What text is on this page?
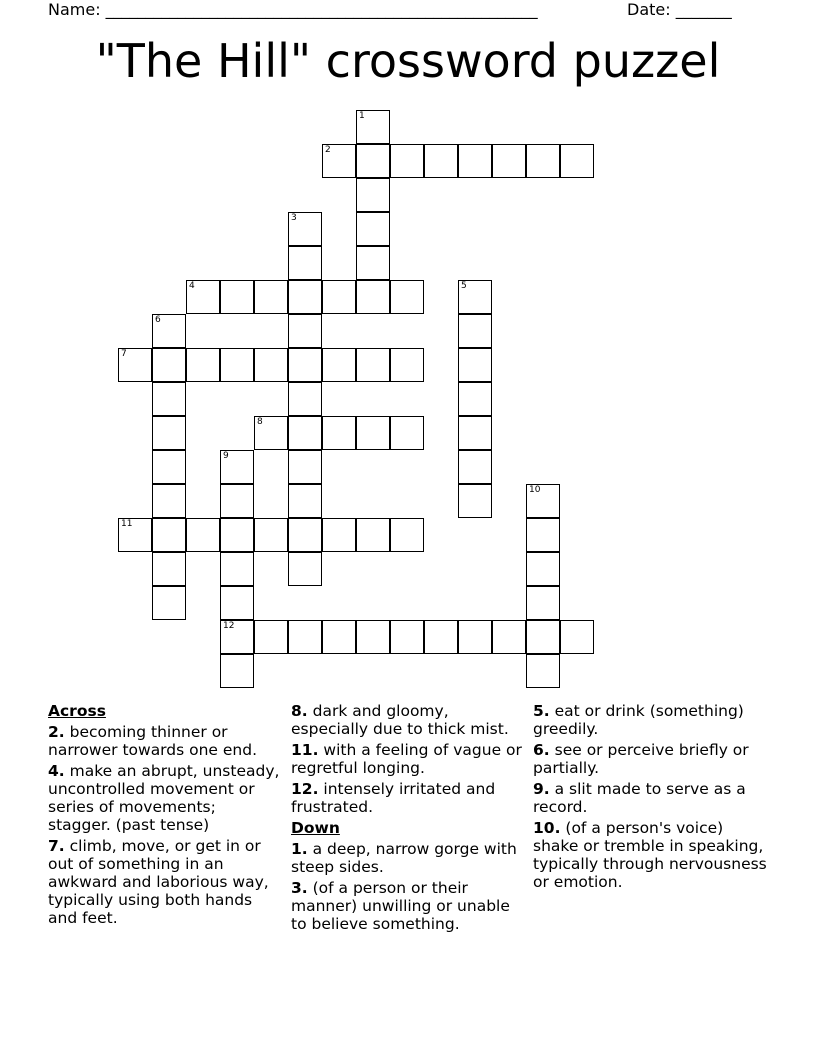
Name: ______________________________________________________	Date: _______
"The Hill" crossword puzzel
1
2
3
4	5
6
7
8
9
12
10
11
Across
2. becoming thinner or narrower towards one end.
4. make an abrupt, unsteady, uncontrolled movement or series of movements; stagger. (past tense)
7. climb, move, or get in or out of something in an awkward and laborious way, typically using both hands and feet.
8. dark and gloomy, especially due to thick mist.
11. with a feeling of vague or regretful longing.
12. intensely irritated and frustrated.
Down
1. a deep, narrow gorge with steep sides.
3. (of a person or their manner) unwilling or unable to believe something.
5. eat or drink (something) greedily.
6. see or perceive briefly or partially.
9. a slit made to serve as a record.
10. (of a person's voice) shake or tremble in speaking, typically through nervousness or emotion.
